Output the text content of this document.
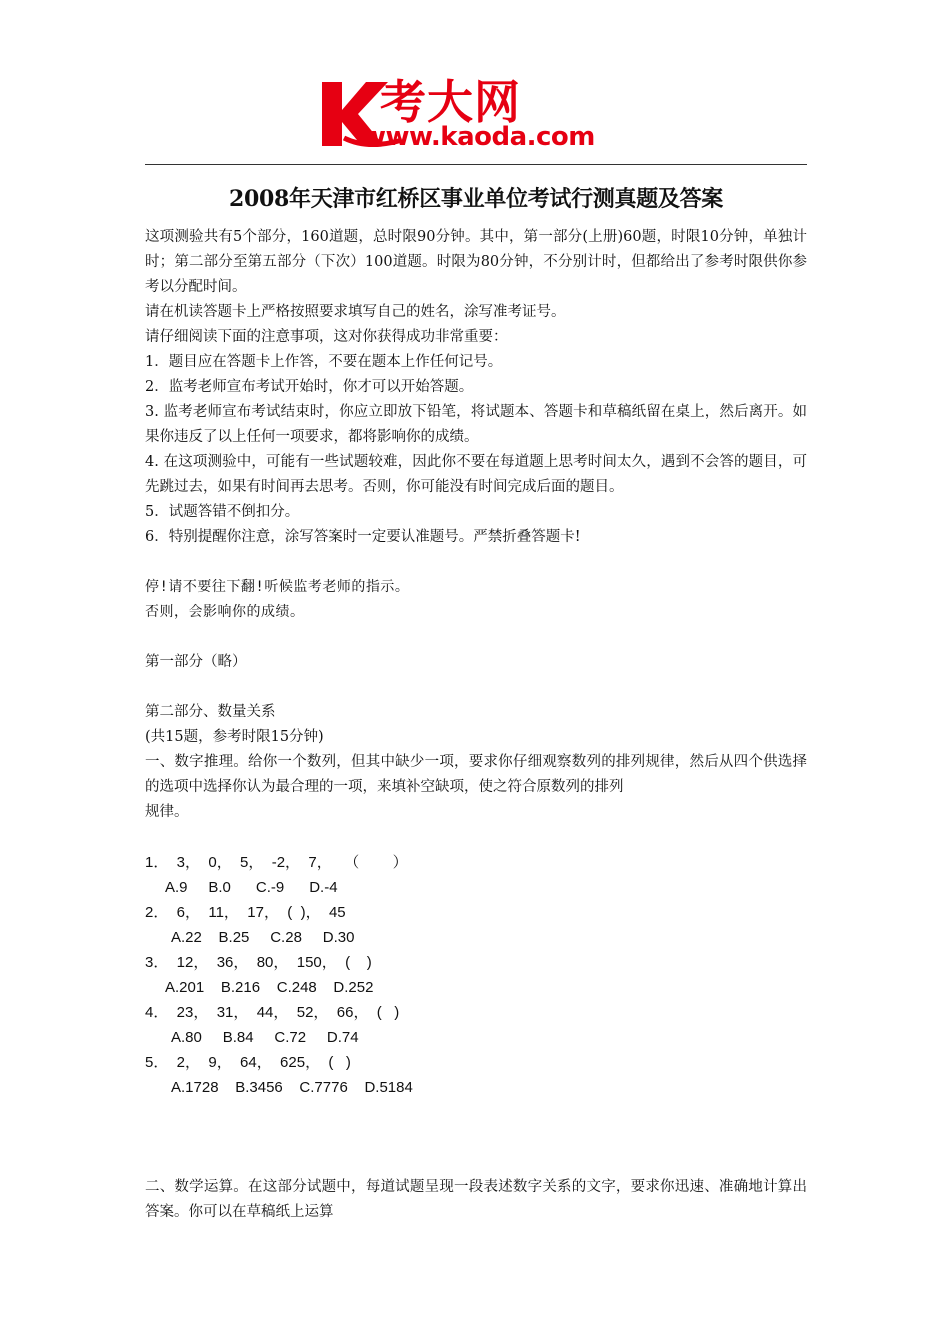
考大网
www.kaoda.com
2008年天津市红桥区事业单位考试行测真题及答案

这项测验共有5个部分，160道题，总时限90分钟。其中，第一部分(上册)60题，时限10分钟，单独计时；第二部分至第五部分（下次）100道题。时限为80分钟，不分别计时，但都给出了参考时限供你参考以分配时间。

请在机读答题卡上严格按照要求填写自己的姓名，涂写准考证号。

请仔细阅读下面的注意事项，这对你获得成功非常重要：

1．题目应在答题卡上作答，不要在题本上作任何记号。

2．监考老师宣布考试开始时，你才可以开始答题。

3. 监考老师宣布考试结束时，你应立即放下铅笔，将试题本、答题卡和草稿纸留在桌上，然后离开。如果你违反了以上任何一项要求，都将影响你的成绩。

4. 在这项测验中，可能有一些试题较难，因此你不要在每道题上思考时间太久，遇到不会答的题目，可先跳过去，如果有时间再去思考。否则，你可能没有时间完成后面的题目。

5．试题答错不倒扣分。

6．特别提醒你注意，涂写答案时一定要认准题号。严禁折叠答题卡!

停!请不要往下翻!听候监考老师的指示。

否则，会影响你的成绩。

第一部分（略）

第二部分、数量关系

(共15题，参考时限15分钟)

一、数字推理。给你一个数列，但其中缺少一项，要求你仔细观察数列的排列规律，然后从四个供选择的选项中选择你认为最合理的一项，来填补空缺项，使之符合原数列的排列

规律。

1．  3，  0，  5，  -2，  7，   （        ）

A.9     B.0      C.-9      D.-4

2．  6，  11，  17，  (  )，  45

A.22    B.25     C.28     D.30

3．  12，  36，  80，  150，  (    )

A.201    B.216    C.248    D.252

4．  23，  31，  44，  52，  66，  (   )

A.80     B.84     C.72     D.74

5．  2，  9，  64，  625，  (   )

A.1728    B.3456    C.7776    D.5184

二、数学运算。在这部分试题中，每道试题呈现一段表述数字关系的文字，要求你迅速、准确地计算出答案。你可以在草稿纸上运算
